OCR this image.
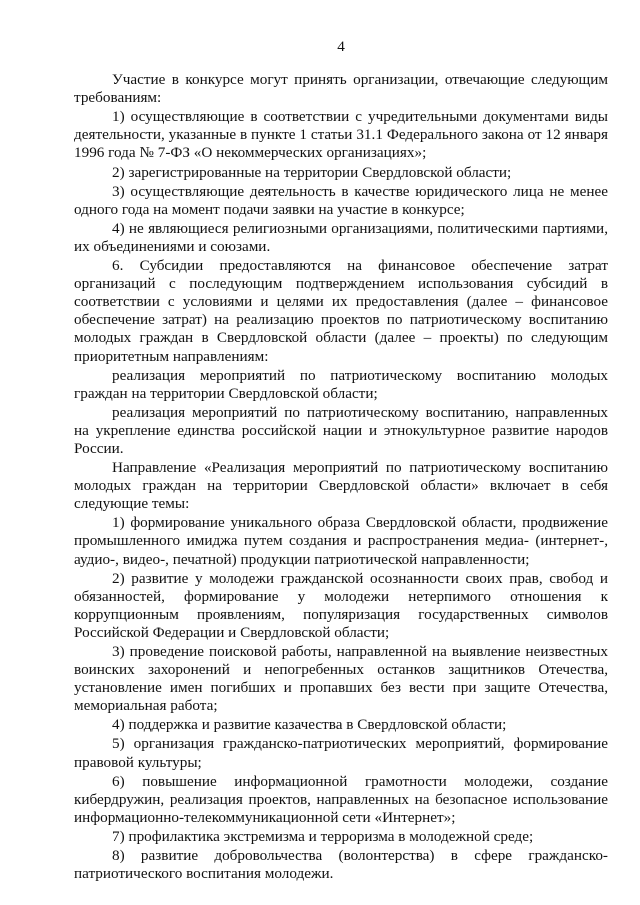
4

Участие в конкурсе могут принять организации, отвечающие следующим требованиям:

1) осуществляющие в соответствии с учредительными документами виды деятельности, указанные в пункте 1 статьи 31.1 Федерального закона от 12 января 1996 года № 7-ФЗ «О некоммерческих организациях»;

2) зарегистрированные на территории Свердловской области;

3) осуществляющие деятельность в качестве юридического лица не менее одного года на момент подачи заявки на участие в конкурсе;

4) не являющиеся религиозными организациями, политическими партиями, их объединениями и союзами.

6. Субсидии предоставляются на финансовое обеспечение затрат организаций с последующим подтверждением использования субсидий в соответствии с условиями и целями их предоставления (далее – финансовое обеспечение затрат) на реализацию проектов по патриотическому воспитанию молодых граждан в Свердловской области (далее – проекты) по следующим приоритетным направлениям:

реализация мероприятий по патриотическому воспитанию молодых граждан на территории Свердловской области;

реализация мероприятий по патриотическому воспитанию, направленных на укрепление единства российской нации и этнокультурное развитие народов России.

Направление «Реализация мероприятий по патриотическому воспитанию молодых граждан на территории Свердловской области» включает в себя следующие темы:

1) формирование уникального образа Свердловской области, продвижение промышленного имиджа путем создания и распространения медиа- (интернет-, аудио-, видео-, печатной) продукции патриотической направленности;

2) развитие у молодежи гражданской осознанности своих прав, свобод и обязанностей, формирование у молодежи нетерпимого отношения к коррупционным проявлениям, популяризация государственных символов Российской Федерации и Свердловской области;

3) проведение поисковой работы, направленной на выявление неизвестных воинских захоронений и непогребенных останков защитников Отечества, установление имен погибших и пропавших без вести при защите Отечества, мемориальная работа;

4) поддержка и развитие казачества в Свердловской области;

5) организация гражданско-патриотических мероприятий, формирование правовой культуры;

6) повышение информационной грамотности молодежи, создание кибердружин, реализация проектов, направленных на безопасное использование информационно-телекоммуникационной сети «Интернет»;

7) профилактика экстремизма и терроризма в молодежной среде;

8) развитие добровольчества (волонтерства) в сфере гражданско-патриотического воспитания молодежи.
